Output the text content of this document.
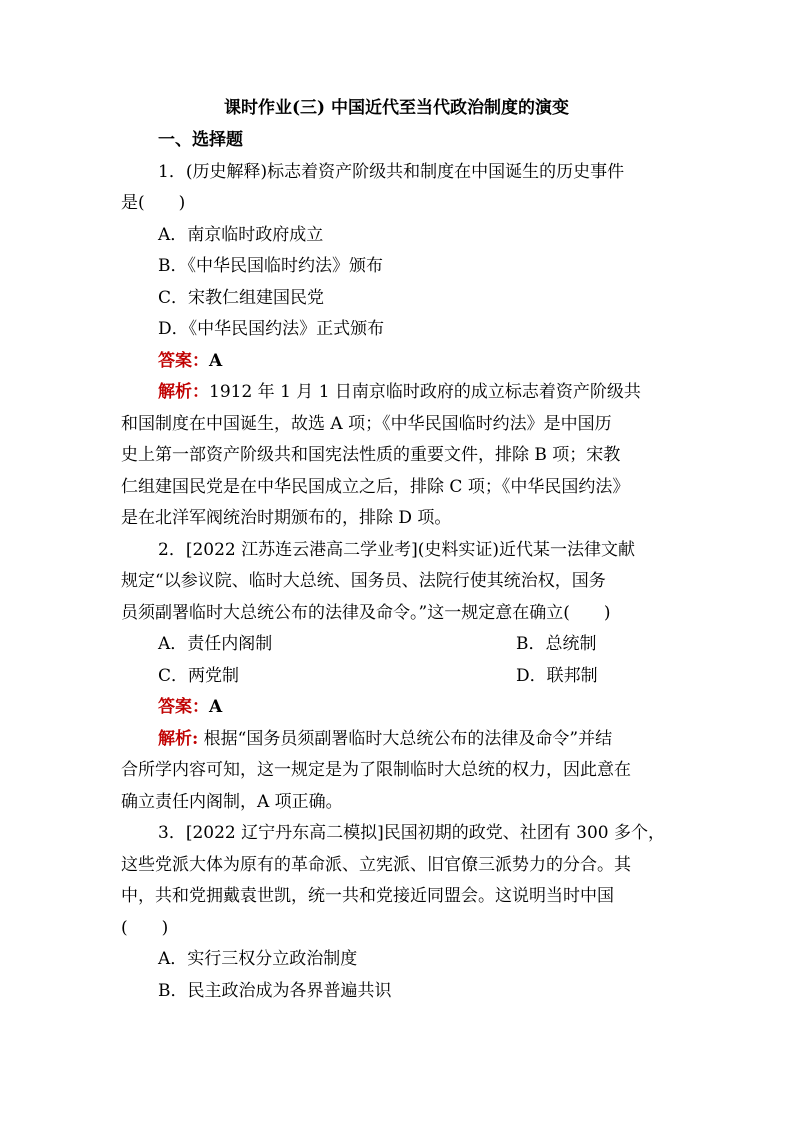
课时作业(三) 中国近代至当代政治制度的演变
一、选择题
1．(历史解释)标志着资产阶级共和制度在中国诞生的历史事件
是(　　)
A．南京临时政府成立
B．《中华民国临时约法》颁布
C．宋教仁组建国民党
D．《中华民国约法》正式颁布
答案：A
解析：1912 年 1 月 1 日南京临时政府的成立标志着资产阶级共
和国制度在中国诞生，故选 A 项；《中华民国临时约法》是中国历
史上第一部资产阶级共和国宪法性质的重要文件，排除 B 项；宋教
仁组建国民党是在中华民国成立之后，排除 C 项；《中华民国约法》
是在北洋军阀统治时期颁布的，排除 D 项。
2．[2022 江苏连云港高二学业考](史料实证)近代某一法律文献
规定“以参议院、临时大总统、国务员、法院行使其统治权，国务
员须副署临时大总统公布的法律及命令。”这一规定意在确立(　　)
A．责任内阁制	B．总统制
C．两党制	D．联邦制
答案：A
解析: 根据“国务员须副署临时大总统公布的法律及命令”并结
合所学内容可知，这一规定是为了限制临时大总统的权力，因此意在
确立责任内阁制，A 项正确。
3．[2022 辽宁丹东高二模拟]民国初期的政党、社团有 300 多个，
这些党派大体为原有的革命派、立宪派、旧官僚三派势力的分合。其
中，共和党拥戴袁世凯，统一共和党接近同盟会。这说明当时中国
(　　)
A．实行三权分立政治制度
B．民主政治成为各界普遍共识
